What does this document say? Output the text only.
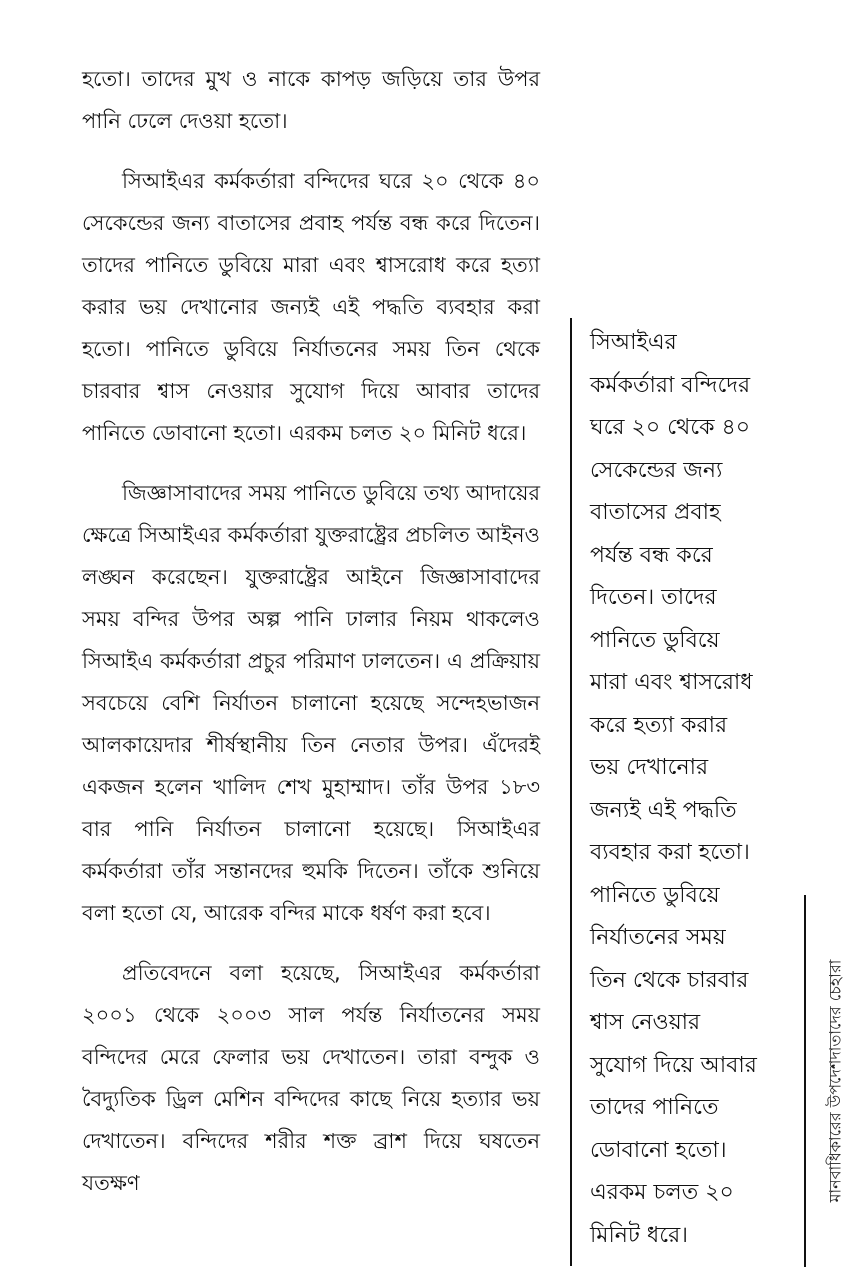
হতো। তাদের মুখ ও নাকে কাপড় জড়িয়ে তার উপর পানি ঢেলে দেওয়া হতো।

সিআইএর কর্মকর্তারা বন্দিদের ঘরে ২০ থেকে ৪০ সেকেন্ডের জন্য বাতাসের প্রবাহ পর্যন্ত বন্ধ করে দিতেন। তাদের পানিতে ডুবিয়ে মারা এবং শ্বাসরোধ করে হত্যা করার ভয় দেখানোর জন্যই এই পদ্ধতি ব্যবহার করা হতো। পানিতে ডুবিয়ে নির্যাতনের সময় তিন থেকে চারবার শ্বাস নেওয়ার সুযোগ দিয়ে আবার তাদের পানিতে ডোবানো হতো। এরকম চলত ২০ মিনিট ধরে।

জিজ্ঞাসাবাদের সময় পানিতে ডুবিয়ে তথ্য আদায়ের ক্ষেত্রে সিআইএর কর্মকর্তারা যুক্তরাষ্ট্রের প্রচলিত আইনও লঙ্ঘন করেছেন। যুক্তরাষ্ট্রের আইনে জিজ্ঞাসাবাদের সময় বন্দির উপর অল্প পানি ঢালার নিয়ম থাকলেও সিআইএ কর্মকর্তারা প্রচুর পরিমাণ ঢালতেন। এ প্রক্রিয়ায় সবচেয়ে বেশি নির্যাতন চালানো হয়েছে সন্দেহভাজন আলকায়েদার শীর্ষস্থানীয় তিন নেতার উপর। এঁদেরই একজন হলেন খালিদ শেখ মুহাম্মাদ। তাঁর উপর ১৮৩ বার পানি নির্যাতন চালানো হয়েছে। সিআইএর কর্মকর্তারা তাঁর সন্তানদের হুমকি দিতেন। তাঁকে শুনিয়ে বলা হতো যে, আরেক বন্দির মাকে ধর্ষণ করা হবে।

প্রতিবেদনে বলা হয়েছে, সিআইএর কর্মকর্তারা ২০০১ থেকে ২০০৩ সাল পর্যন্ত নির্যাতনের সময় বন্দিদের মেরে ফেলার ভয় দেখাতেন। তারা বন্দুক ও বৈদ্যুতিক ড্রিল মেশিন বন্দিদের কাছে নিয়ে হত্যার ভয় দেখাতেন। বন্দিদের শরীর শক্ত ব্রাশ দিয়ে ঘষতেন যতক্ষণ

সিআইএর
কর্মকর্তারা বন্দিদের
ঘরে ২০ থেকে ৪০
সেকেন্ডের জন্য
বাতাসের প্রবাহ
পর্যন্ত বন্ধ করে
দিতেন। তাদের
পানিতে ডুবিয়ে
মারা এবং শ্বাসরোধ
করে হত্যা করার
ভয় দেখানোর
জন্যই এই পদ্ধতি
ব্যবহার করা হতো।
পানিতে ডুবিয়ে
নির্যাতনের সময়
তিন থেকে চারবার
শ্বাস নেওয়ার
সুযোগ দিয়ে আবার
তাদের পানিতে
ডোবানো হতো।
এরকম চলত ২০
মিনিট ধরে।
মানবাধিকারের উপদেশদাতাদের চেহারা
